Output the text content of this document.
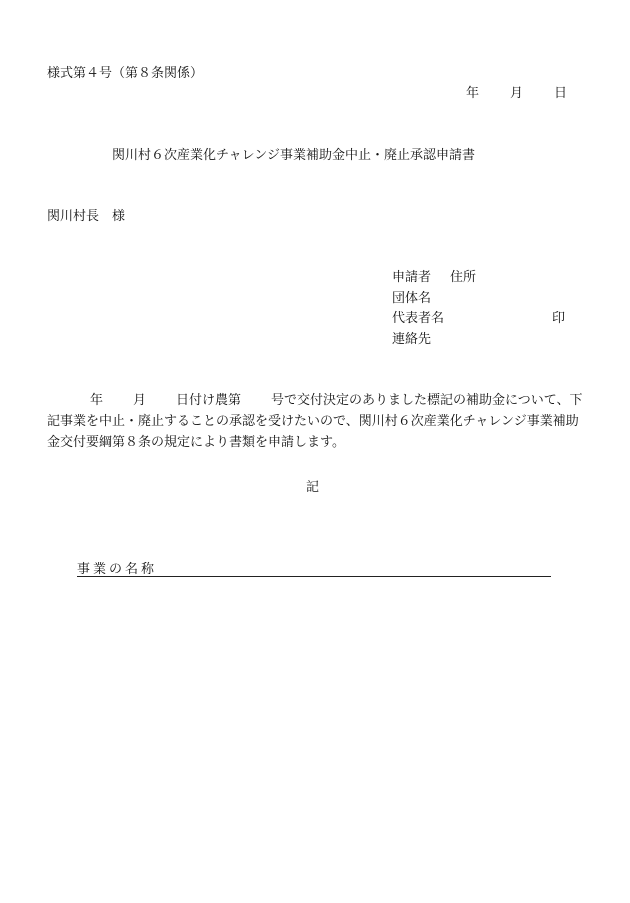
様式第４号（第８条関係）
年 月 日
関川村６次産業化チャレンジ事業補助金中止・廃止承認申請書
関川村長　様
申請者 住所
団体名
代表者名	印
連絡先
年 月 日付け農第 号で交付決定のありました標記の補助金について、下記事業を中止・廃止することの承認を受けたいので、関川村６次産業化チャレンジ事業補助金交付要綱第８条の規定により書類を申請します。
記
事業の名称
